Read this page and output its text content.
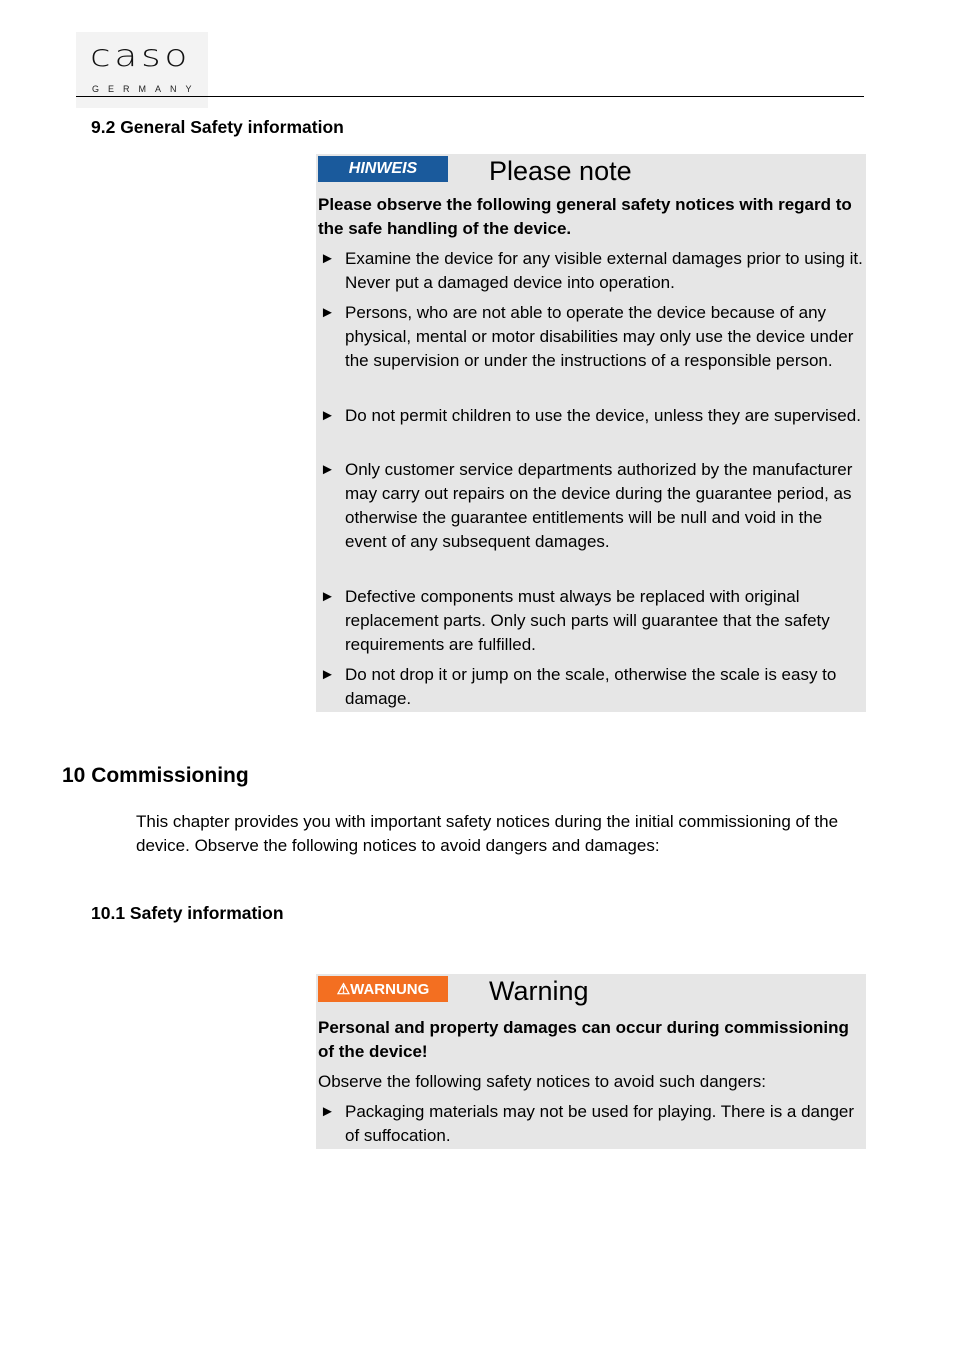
caso
GERMANY
9.2 General Safety information
HINWEIS	Please note
Please observe the following general safety notices with regard to the safe handling of the device.
► Examine the device for any visible external damages prior to using it. Never put a damaged device into operation.
► Persons, who are not able to operate the device because of any physical, mental or motor disabilities may only use the device under the supervision or under the instructions of a responsible person.
► Do not permit children to use the device, unless they are supervised.
► Only customer service departments authorized by the manufacturer may carry out repairs on the device during the guarantee period, as otherwise the guarantee entitlements will be null and void in the event of any subsequent damages.
► Defective components must always be replaced with original replacement parts. Only such parts will guarantee that the safety requirements are fulfilled.
► Do not drop it or jump on the scale, otherwise the scale is easy to damage.
10 Commissioning
This chapter provides you with important safety notices during the initial commissioning of the device. Observe the following notices to avoid dangers and damages:
10.1 Safety information
⚠ WARNUNG Warning
Personal and property damages can occur during commissioning of the device!
Observe the following safety notices to avoid such dangers:
► Packaging materials may not be used for playing. There is a danger of suffocation.
